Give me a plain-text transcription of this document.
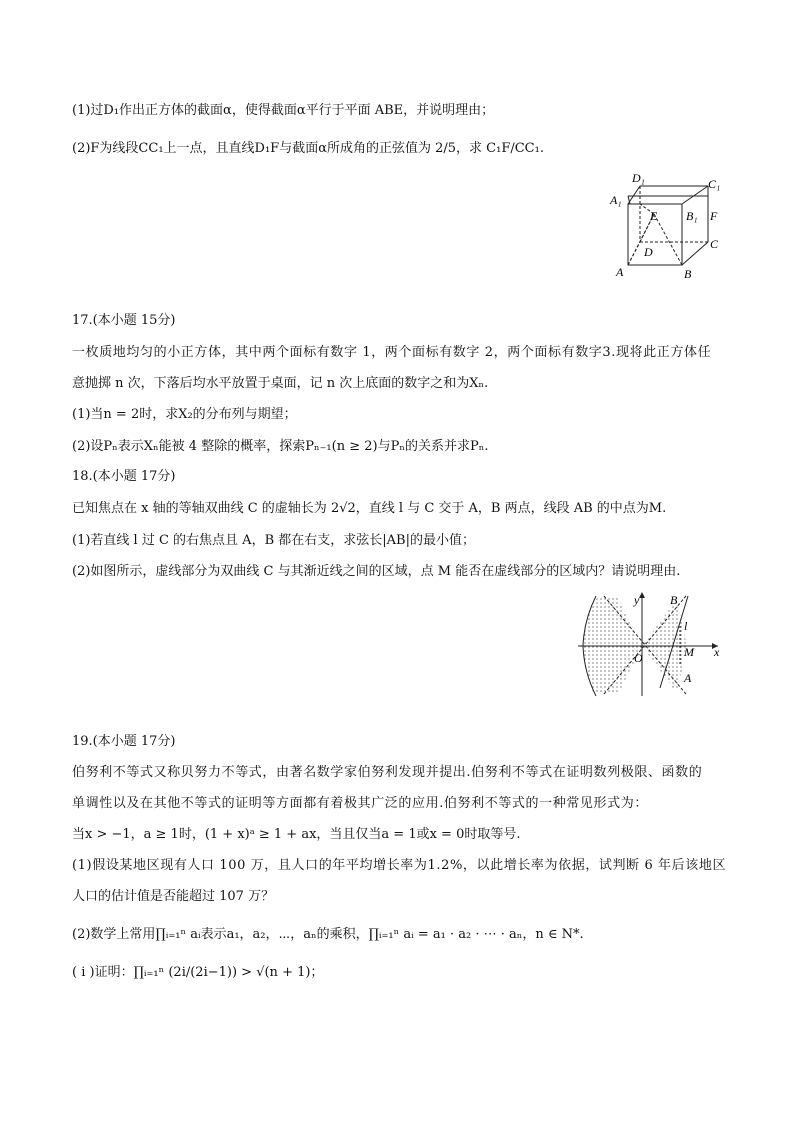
(1)过D₁作出正方体的截面α，使得截面α平行于平面 ABE，并说明理由；
(2)F为线段CC₁上一点，且直线D₁F与截面α所成角的正弦值为 2/5，求 C₁F/CC₁.
D₁	C₁
A₁
B₁
E	F
D
C
A	B
17.(本小题 15分)
一枚质地均匀的小正方体，其中两个面标有数字 1，两个面标有数字 2，两个面标有数字3.现将此正方体任
意抛掷 n 次，下落后均水平放置于桌面，记 n 次上底面的数字之和为Xₙ.
(1)当n = 2时，求X₂的分布列与期望；
(2)设Pₙ表示Xₙ能被 4 整除的概率，探索Pₙ₋₁(n ≥ 2)与Pₙ的关系并求Pₙ.
18.(本小题 17分)
已知焦点在 x 轴的等轴双曲线 C 的虚轴长为 2√2，直线 l 与 C 交于 A，B 两点，线段 AB 的中点为M.
(1)若直线 l 过 C 的右焦点且 A，B 都在右支，求弦长|AB|的最小值；
(2)如图所示，虚线部分为双曲线 C 与其渐近线之间的区域，点 M 能否在虚线部分的区域内？请说明理由.
y	B
l
O	M x
A
19.(本小题 17分)
伯努利不等式又称贝努力不等式，由著名数学家伯努利发现并提出.伯努利不等式在证明数列极限、函数的
单调性以及在其他不等式的证明等方面都有着极其广泛的应用.伯努利不等式的一种常见形式为：
当x > −1，a ≥ 1时，(1 + x)ᵃ ≥ 1 + ax，当且仅当a = 1或x = 0时取等号.
(1)假设某地区现有人口 100 万，且人口的年平均增长率为1.2%，以此增长率为依据，试判断 6 年后该地区
人口的估计值是否能超过 107 万？
(2)数学上常用∏ᵢ₌₁ⁿ aᵢ表示a₁，a₂，⋯，aₙ的乘积，∏ᵢ₌₁ⁿ aᵢ = a₁ · a₂ · ⋯ · aₙ，n ∈ N*.
( i )证明：∏ᵢ₌₁ⁿ (2i/(2i−1)) > √(n + 1)；
